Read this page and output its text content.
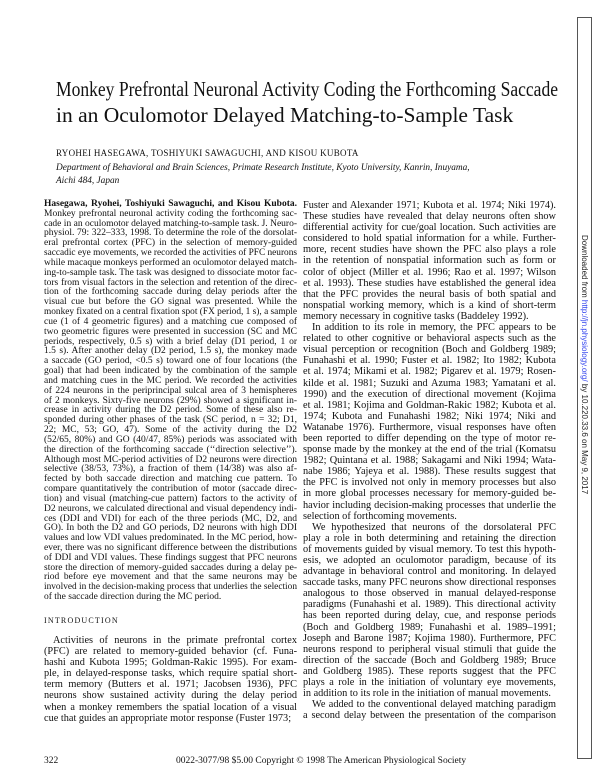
Monkey Prefrontal Neuronal Activity Coding the Forthcoming Saccade
in an Oculomotor Delayed Matching-to-Sample Task
RYOHEI HASEGAWA, TOSHIYUKI SAWAGUCHI, AND KISOU KUBOTA
Department of Behavioral and Brain Sciences, Primate Research Institute, Kyoto University, Kanrin, Inuyama,
Aichi 484, Japan
Hasegawa, Ryohei, Toshiyuki Sawaguchi, and Kisou Kubota.
Monkey prefrontal neuronal activity coding the forthcoming sac-
cade in an oculomotor delayed matching-to-sample task. J. Neuro-
physiol. 79: 322–333, 1998. To determine the role of the dorsolat-
eral prefrontal cortex (PFC) in the selection of memory-guided
saccadic eye movements, we recorded the activities of PFC neurons
while macaque monkeys performed an oculomotor delayed match-
ing-to-sample task. The task was designed to dissociate motor fac-
tors from visual factors in the selection and retention of the direc-
tion of the forthcoming saccade during delay periods after the
visual cue but before the GO signal was presented. While the
monkey fixated on a central fixation spot (FX period, 1 s), a sample
cue (1 of 4 geometric figures) and a matching cue composed of
two geometric figures were presented in succession (SC and MC
periods, respectively, 0.5 s) with a brief delay (D1 period, 1 or
1.5 s). After another delay (D2 period, 1.5 s), the monkey made
a saccade (GO period, <0.5 s) toward one of four locations (the
goal) that had been indicated by the combination of the sample
and matching cues in the MC period. We recorded the activities
of 224 neurons in the periprincipal sulcal area of 3 hemispheres
of 2 monkeys. Sixty-five neurons (29%) showed a significant in-
crease in activity during the D2 period. Some of these also re-
sponded during other phases of the task (SC period, n = 32; D1,
22; MC, 53; GO, 47). Some of the activity during the D2
(52/65, 80%) and GO (40/47, 85%) periods was associated with
the direction of the forthcoming saccade (‘‘direction selective’’).
Although most MC-period activities of D2 neurons were direction
selective (38/53, 73%), a fraction of them (14/38) was also af-
fected by both saccade direction and matching cue pattern. To
compare quantitatively the contribution of motor (saccade direc-
tion) and visual (matching-cue pattern) factors to the activity of
D2 neurons, we calculated directional and visual dependency indi-
ces (DDI and VDI) for each of the three periods (MC, D2, and
GO). In both the D2 and GO periods, D2 neurons with high DDI
values and low VDI values predominated. In the MC period, how-
ever, there was no significant difference between the distributions
of DDI and VDI values. These findings suggest that PFC neurons
store the direction of memory-guided saccades during a delay pe-
riod before eye movement and that the same neurons may be
involved in the decision-making process that underlies the selection
of the saccade direction during the MC period.
INTRODUCTION
Activities of neurons in the primate prefrontal cortex
(PFC) are related to memory-guided behavior (cf. Funa-
hashi and Kubota 1995; Goldman-Rakic 1995). For exam-
ple, in delayed-response tasks, which require spatial short-
term memory (Butters et al. 1971; Jacobsen 1936), PFC
neurons show sustained activity during the delay period
when a monkey remembers the spatial location of a visual
cue that guides an appropriate motor response (Fuster 1973;
Fuster and Alexander 1971; Kubota et al. 1974; Niki 1974).
These studies have revealed that delay neurons often show
differential activity for cue/goal location. Such activities are
considered to hold spatial information for a while. Further-
more, recent studies have shown the PFC also plays a role
in the retention of nonspatial information such as form or
color of object (Miller et al. 1996; Rao et al. 1997; Wilson
et al. 1993). These studies have established the general idea
that the PFC provides the neural basis of both spatial and
nonspatial working memory, which is a kind of short-term
memory necessary in cognitive tasks (Baddeley 1992).
In addition to its role in memory, the PFC appears to be
related to other cognitive or behavioral aspects such as the
visual perception or recognition (Boch and Goldberg 1989;
Funahashi et al. 1990; Fuster et al. 1982; Ito 1982; Kubota
et al. 1974; Mikami et al. 1982; Pigarev et al. 1979; Rosen-
kilde et al. 1981; Suzuki and Azuma 1983; Yamatani et al.
1990) and the execution of directional movement (Kojima
et al. 1981; Kojima and Goldman-Rakic 1982; Kubota et al.
1974; Kubota and Funahashi 1982; Niki 1974; Niki and
Watanabe 1976). Furthermore, visual responses have often
been reported to differ depending on the type of motor re-
sponse made by the monkey at the end of the trial (Komatsu
1982; Quintana et al. 1988; Sakagami and Niki 1994; Wata-
nabe 1986; Yajeya et al. 1988). These results suggest that
the PFC is involved not only in memory processes but also
in more global processes necessary for memory-guided be-
havior including decision-making processes that underlie the
selection of forthcoming movements.
We hypothesized that neurons of the dorsolateral PFC
play a role in both determining and retaining the direction
of movements guided by visual memory. To test this hypoth-
esis, we adopted an oculomotor paradigm, because of its
advantage in behavioral control and monitoring. In delayed
saccade tasks, many PFC neurons show directional responses
analogous to those observed in manual delayed-response
paradigms (Funahashi et al. 1989). This directional activity
has been reported during delay, cue, and response periods
(Boch and Goldberg 1989; Funahashi et al. 1989–1991;
Joseph and Barone 1987; Kojima 1980). Furthermore, PFC
neurons respond to peripheral visual stimuli that guide the
direction of the saccade (Boch and Goldberg 1989; Bruce
and Goldberg 1985). These reports suggest that the PFC
plays a role in the initiation of voluntary eye movements,
in addition to its role in the initiation of manual movements.
We added to the conventional delayed matching paradigm
a second delay between the presentation of the comparison
322	0022-3077/98 $5.00 Copyright © 1998 The American Physiological Society
Downloaded from http://jn.physiology.org/ by 10.220.33.6 on May 9, 2017
